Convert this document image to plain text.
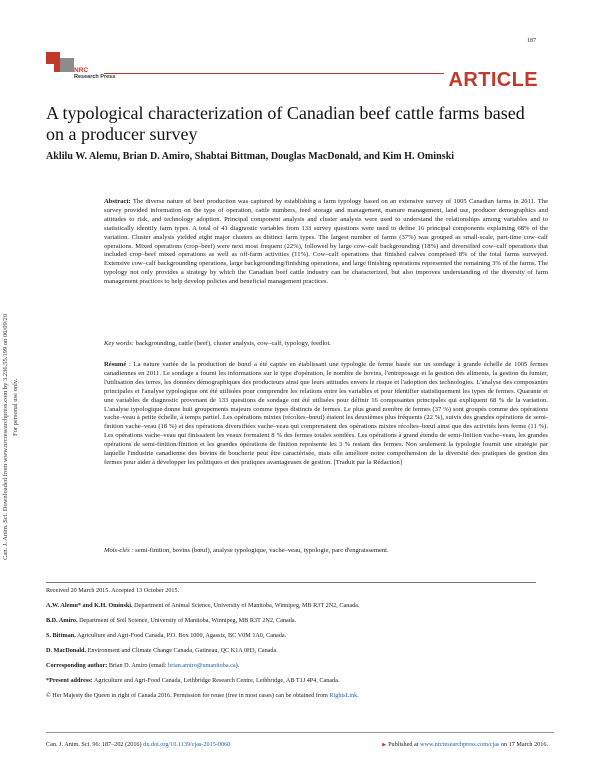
187
NRC
Research Press	ARTICLE
A typological characterization of Canadian beef cattle farms based on a producer survey
Aklilu W. Alemu, Brian D. Amiro, Shabtai Bittman, Douglas MacDonald, and Kim H. Ominski
Can. J. Anim. Sci. Downloaded from www.nrcresearchpress.com by 3.236.55.199 on 06/09/20 For personal use only.
Abstract: The diverse nature of beef production was captured by establishing a farm typology based on an extensive survey of 1005 Canadian farms in 2011. The survey provided information on the type of operation, cattle numbers, feed storage and management, manure management, land use, producer demographics and attitudes to risk, and technology adoption. Principal component analysis and cluster analysis were used to understand the relationships among variables and to statistically identify farm types. A total of 41 diagnostic variables from 133 survey questions were used to define 16 principal components explaining 68% of the variation. Cluster analysis yielded eight major clusters as distinct farm types. The largest number of farms (37%) was grouped as small-scale, part-time cow–calf operations. Mixed operations (crop–beef) were next most frequent (22%), followed by large cow–calf backgrounding (18%) and diversified cow–calf operations that included crop–beef mixed operations as well as off-farm activities (11%). Cow–calf operations that finished calves comprised 8% of the total farms surveyed. Extensive cow–calf backgrounding operations, large backgrounding/finishing operations, and large finishing operations represented the remaining 3% of the farms. The typology not only provides a strategy by which the Canadian beef cattle industry can be characterized, but also improves understanding of the diversity of farm management practices to help develop policies and beneficial management practices.
Key words: backgrounding, cattle (beef), cluster analysis, cow–calf, typology, feedlot.
Résumé : La nature variée de la production de bœuf a été captée en établissant une typologie de ferme basée sur un sondage à grande échelle de 1005 fermes canadiennes en 2011. Le sondage a fourni les informations sur le type d'opération, le nombre de bovins, l'entreposage et la gestion des aliments, la gestion du fumier, l'utilisation des terres, les données démographiques des producteurs ainsi que leurs attitudes envers le risque et l'adoption des technologies. L'analyse des composantes principales et l'analyse typologique ont été utilisées pour comprendre les relations entre les variables et pour identifier statistiquement les types de fermes. Quarante et une variables de diagnostic provenant de 133 questions de sondage ont été utilisées pour définir 16 composantes principales qui expliquent 68 % de la variation. L'analyse typologique donne huit groupements majeurs comme types distincts de fermes. Le plus grand nombre de fermes (37 %) sont groupés comme des opérations vache–veau à petite échelle, à temps partiel. Les opérations mixtes (récoltes–bœuf) étaient les deuxièmes plus fréquents (22 %), suivis des grandes opérations de semi-finition vache–veau (18 %) et des opérations diversifiées vache–veau qui comprenaient des opérations mixtes récoltes–bœuf ainsi que des activités hors ferme (11 %). Les opérations vache–veau qui finissaient les veaux formaient 8 % des fermes totales sondées. Les opérations à grand étendu de semi-finition vache–veau, les grandes opérations de semi-finition/finition et les grandes opérations de finition représente les 3 % restant des fermes. Non seulement la typologie fournit une stratégie par laquelle l'industrie canadienne des bovins de boucherie peut être caractérisée, mais elle améliore notre compréhension de la diversité des pratiques de gestion des fermes pour aider à développer les politiques et des pratiques avantageuses de gestion. [Traduit par la Rédaction]
Mots-clés : semi-finition, bovins (bœuf), analyse typologique, vache–veau, typologie, parc d'engraissement.
Received 20 March 2015. Accepted 13 October 2015.
A.W. Alemu* and K.H. Ominski. Department of Animal Science, University of Manitoba, Winnipeg, MB R3T 2N2, Canada.
B.D. Amiro. Department of Soil Science, University of Manitoba, Winnipeg, MB R3T 2N2, Canada.
S. Bittman. Agriculture and Agri-Food Canada, P.O. Box 1000, Agassiz, BC V0M 1A0, Canada.
D. MacDonald. Environment and Climate Change Canada, Gatineau, QC K1A 0H3, Canada.
Corresponding author: Brian D. Amiro (email: brian.amiro@umanitoba.ca).
*Present address: Agriculture and Agri-Food Canada, Lethbridge Research Centre, Lethbridge, AB T1J 4P4, Canada.
© Her Majesty the Queen in right of Canada 2016. Permission for reuse (free in most cases) can be obtained from RightsLink.
Can. J. Anim. Sci. 96: 187–202 (2016) dx.doi.org/10.1139/cjas-2015-0060	▶ Published at www.nrcresearchpress.com/cjas on 17 March 2016.
